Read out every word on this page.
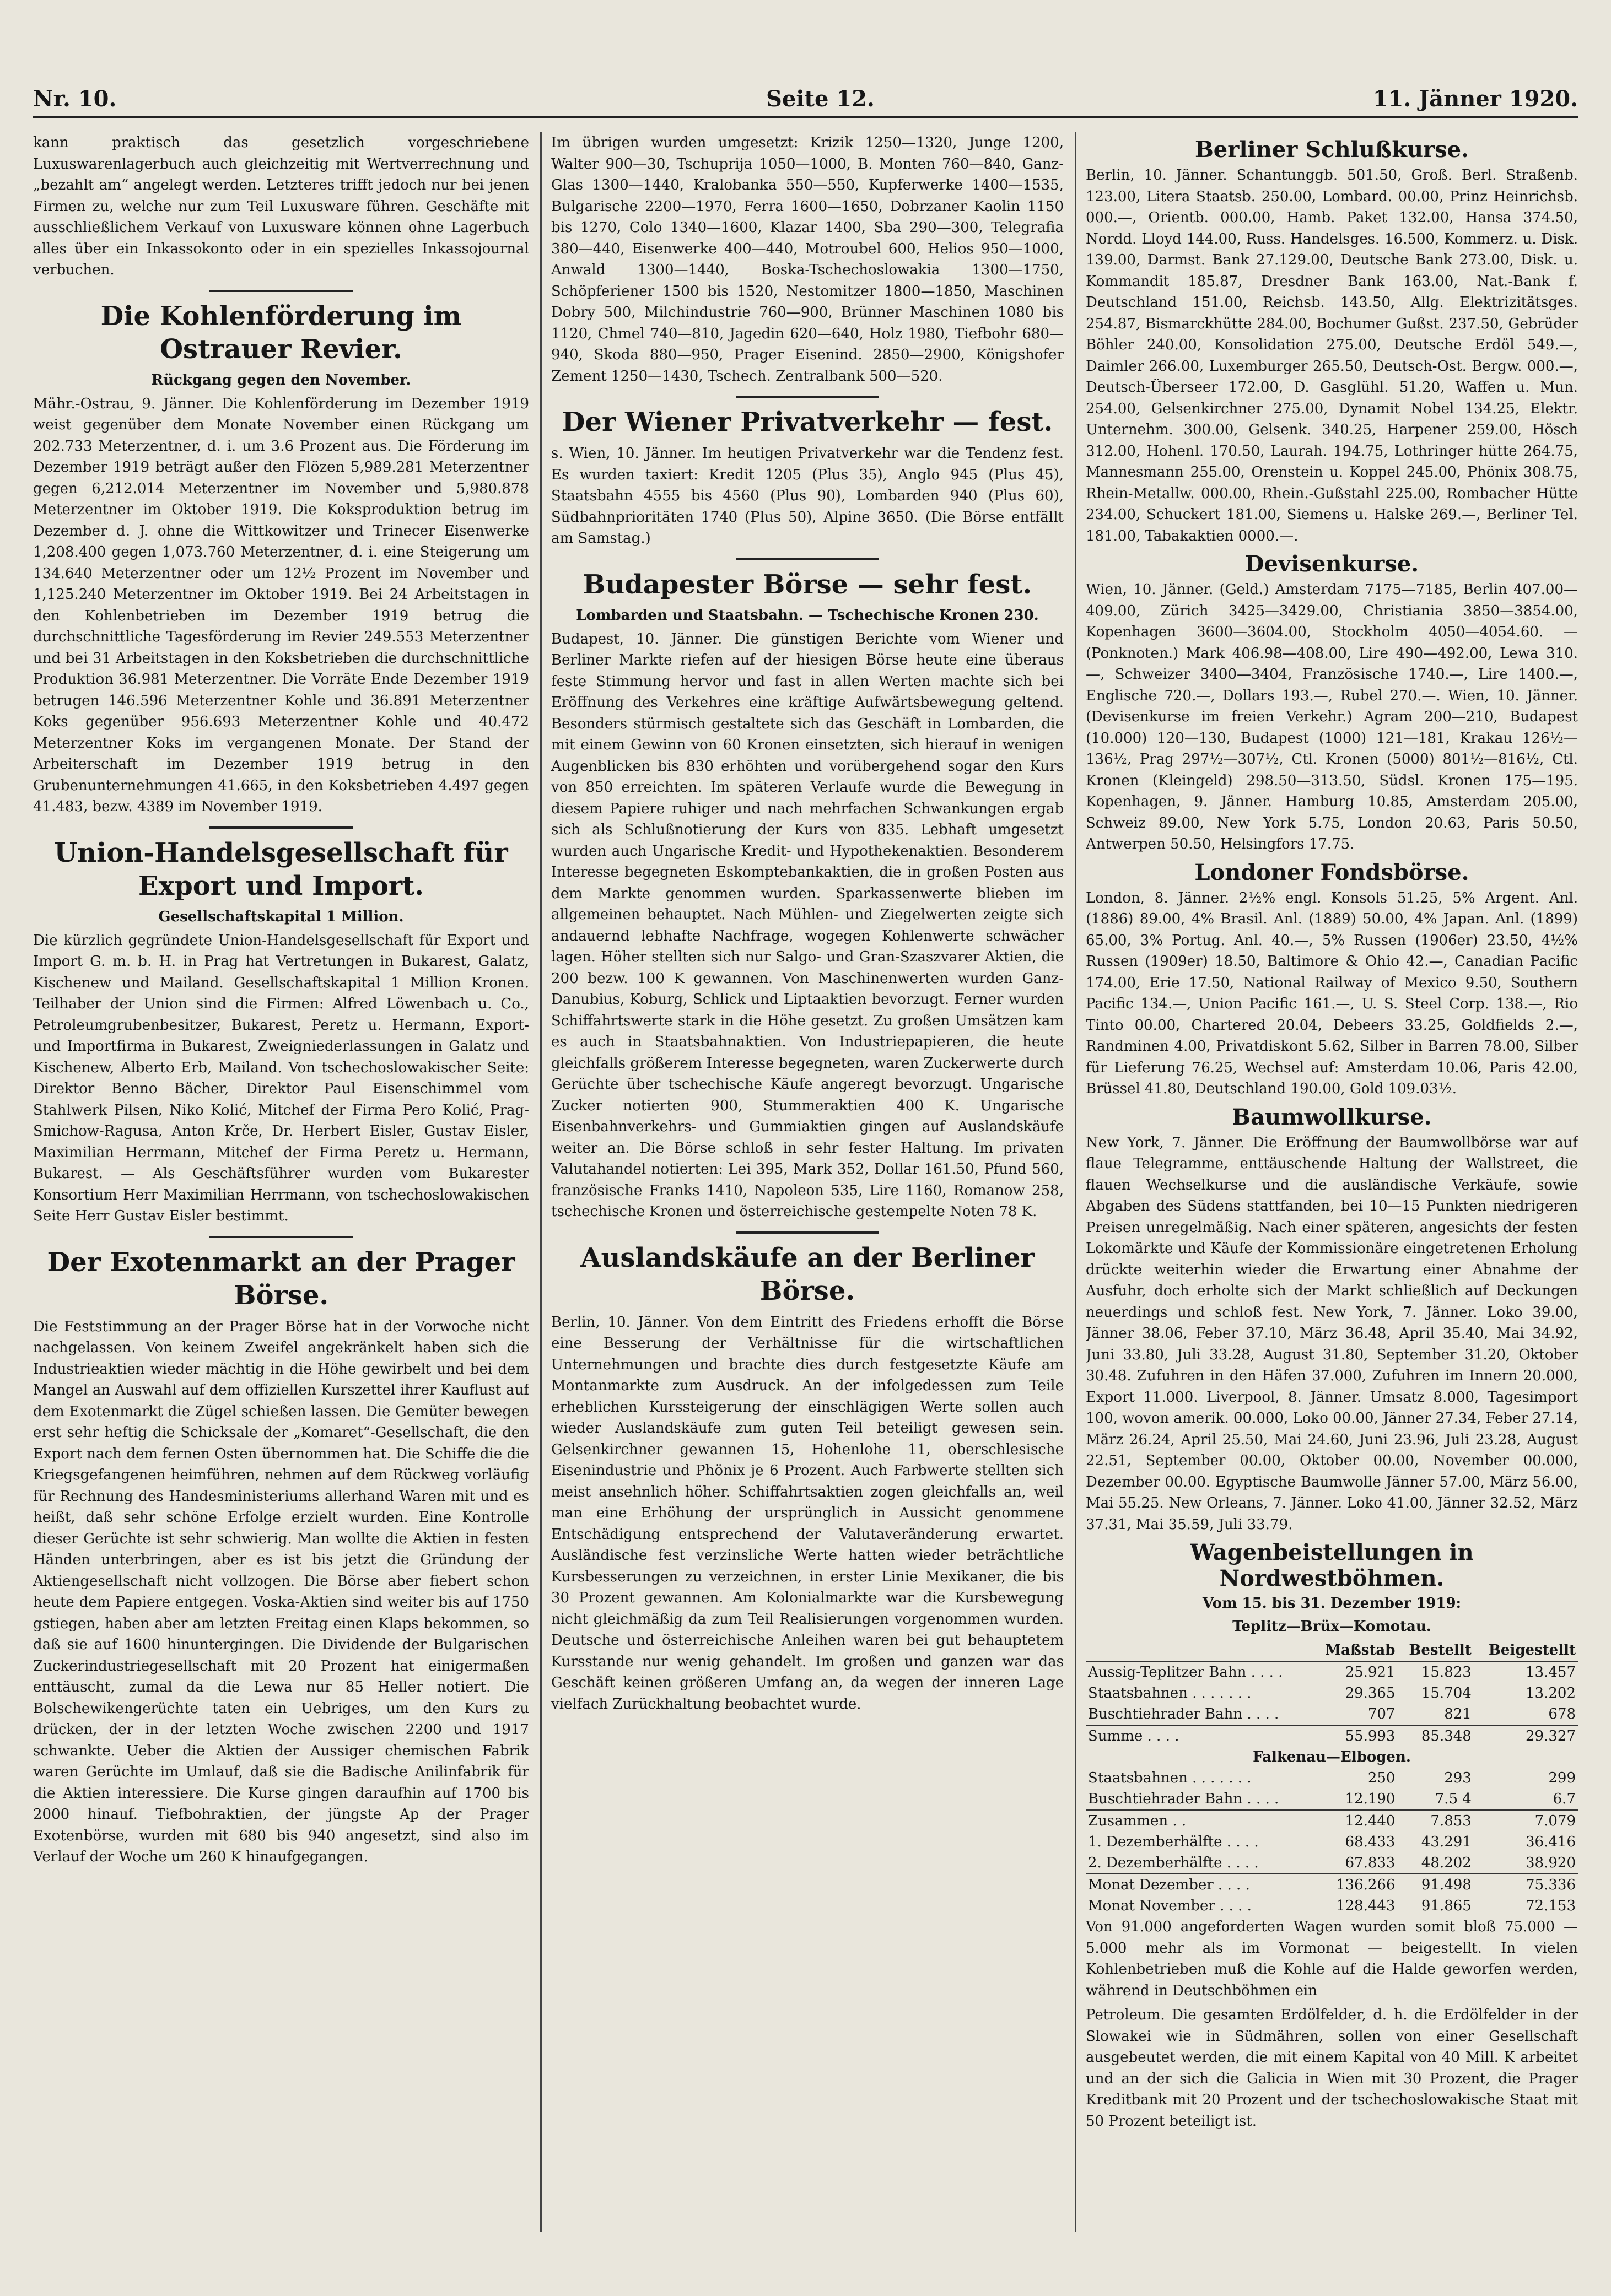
Nr. 10.	Seite 12.	11. Jänner 1920.

kann praktisch das gesetzlich vorgeschriebene Luxuswarenlagerbuch auch gleichzeitig mit Wertverrechnung und „bezahlt am“ angelegt werden. Letzteres trifft jedoch nur bei jenen Firmen zu, welche nur zum Teil Luxusware führen. Geschäfte mit ausschließlichem Verkauf von Luxusware können ohne Lagerbuch alles über ein Inkassokonto oder in ein spezielles Inkassojournal verbuchen.

Die Kohlenförderung im Ostrauer Revier.
Rückgang gegen den November.

Mähr.-Ostrau, 9. Jänner. Die Kohlenförderung im Dezember 1919 weist gegenüber dem Monate November einen Rückgang um 202.733 Meterzentner, d. i. um 3.6 Prozent aus. Die Förderung im Dezember 1919 beträgt außer den Flözen 5,989.281 Meterzentner gegen 6,212.014 Meterzentner im November und 5,980.878 Meterzentner im Oktober 1919. Die Koksproduktion betrug im Dezember d. J. ohne die Wittkowitzer und Trinecer Eisenwerke 1,208.400 gegen 1,073.760 Meterzentner, d. i. eine Steigerung um 134.640 Meterzentner oder um 12½ Prozent im November und 1,125.240 Meterzentner im Oktober 1919. Bei 24 Arbeitstagen in den Kohlenbetrieben im Dezember 1919 betrug die durchschnittliche Tagesförderung im Revier 249.553 Meterzentner und bei 31 Arbeitstagen in den Koksbetrieben die durchschnittliche Produktion 36.981 Meterzentner. Die Vorräte Ende Dezember 1919 betrugen 146.596 Meterzentner Kohle und 36.891 Meterzentner Koks gegenüber 956.693 Meterzentner Kohle und 40.472 Meterzentner Koks im vergangenen Monate. Der Stand der Arbeiterschaft im Dezember 1919 betrug in den Grubenunternehmungen 41.665, in den Koksbetrieben 4.497 gegen 41.483, bezw. 4389 im November 1919.

Union-Handelsgesellschaft für Export und Import.
Gesellschaftskapital 1 Million.

Die kürzlich gegründete Union-Handelsgesellschaft für Export und Import G. m. b. H. in Prag hat Vertretungen in Bukarest, Galatz, Kischenew und Mailand. Gesellschaftskapital 1 Million Kronen. Teilhaber der Union sind die Firmen: Alfred Löwenbach u. Co., Petroleumgrubenbesitzer, Bukarest, Peretz u. Hermann, Export- und Importfirma in Bukarest, Zweigniederlassungen in Galatz und Kischenew, Alberto Erb, Mailand. Von tschechoslowakischer Seite: Direktor Benno Bächer, Direktor Paul Eisenschimmel vom Stahlwerk Pilsen, Niko Kolić, Mitchef der Firma Pero Kolić, Prag-Smichow-Ragusa, Anton Krče, Dr. Herbert Eisler, Gustav Eisler, Maximilian Herrmann, Mitchef der Firma Peretz u. Hermann, Bukarest. — Als Geschäftsführer wurden vom Bukarester Konsortium Herr Maximilian Herrmann, von tschechoslowakischen Seite Herr Gustav Eisler bestimmt.

Der Exotenmarkt an der Prager Börse.

Die Feststimmung an der Prager Börse hat in der Vorwoche nicht nachgelassen. Von keinem Zweifel angekränkelt haben sich die Industrieaktien wieder mächtig in die Höhe gewirbelt und bei dem Mangel an Auswahl auf dem offiziellen Kurszettel ihrer Kauflust auf dem Exotenmarkt die Zügel schießen lassen. Die Gemüter bewegen erst sehr heftig die Schicksale der „Komaret“-Gesellschaft, die den Export nach dem fernen Osten übernommen hat. Die Schiffe die die Kriegsgefangenen heimführen, nehmen auf dem Rückweg vorläufig für Rechnung des Handesministeriums allerhand Waren mit und es heißt, daß sehr schöne Erfolge erzielt wurden. Eine Kontrolle dieser Gerüchte ist sehr schwierig. Man wollte die Aktien in festen Händen unterbringen, aber es ist bis jetzt die Gründung der Aktiengesellschaft nicht vollzogen. Die Börse aber fiebert schon heute dem Papiere entgegen. Voska-Aktien sind weiter bis auf 1750 gstiegen, haben aber am letzten Freitag einen Klaps bekommen, so daß sie auf 1600 hinuntergingen. Die Dividende der Bulgarischen Zuckerindustriegesellschaft mit 20 Prozent hat einigermaßen enttäuscht, zumal da die Lewa nur 85 Heller notiert. Die Bolschewikengerüchte taten ein Uebriges, um den Kurs zu drücken, der in der letzten Woche zwischen 2200 und 1917 schwankte. Ueber die Aktien der Aussiger chemischen Fabrik waren Gerüchte im Umlauf, daß sie die Badische Anilinfabrik für die Aktien interessiere. Die Kurse gingen daraufhin auf 1700 bis 2000 hinauf. Tiefbohraktien, der jüngste Ap der Prager Exotenbörse, wurden mit 680 bis 940 angesetzt, sind also im Verlauf der Woche um 260 K hinaufgegangen.

Im übrigen wurden umgesetzt: Krizik 1250—1320, Junge 1200, Walter 900—30, Tschuprija 1050—1000, B. Monten 760—840, Ganz-Glas 1300—1440, Kralobanka 550—550, Kupferwerke 1400—1535, Bulgarische 2200—1970, Ferra 1600—1650, Dobrzaner Kaolin 1150 bis 1270, Colo 1340—1600, Klazar 1400, Sba 290—300, Telegrafia 380—440, Eisenwerke 400—440, Motroubel 600, Helios 950—1000, Anwald 1300—1440, Boska-Tschechoslowakia 1300—1750, Schöpferiener 1500 bis 1520, Nestomitzer 1800—1850, Maschinen Dobry 500, Milchindustrie 760—900, Brünner Maschinen 1080 bis 1120, Chmel 740—810, Jagedin 620—640, Holz 1980, Tiefbohr 680—940, Skoda 880—950, Prager Eisenind. 2850—2900, Königshofer Zement 1250—1430, Tschech. Zentralbank 500—520.

Der Wiener Privatverkehr — fest.

s. Wien, 10. Jänner. Im heutigen Privatverkehr war die Tendenz fest. Es wurden taxiert: Kredit 1205 (Plus 35), Anglo 945 (Plus 45), Staatsbahn 4555 bis 4560 (Plus 90), Lombarden 940 (Plus 60), Südbahnprioritäten 1740 (Plus 50), Alpine 3650. (Die Börse entfällt am Samstag.)

Budapester Börse — sehr fest.
Lombarden und Staatsbahn. — Tschechische Kronen 230.

Budapest, 10. Jänner. Die günstigen Berichte vom Wiener und Berliner Markte riefen auf der hiesigen Börse heute eine überaus feste Stimmung hervor und fast in allen Werten machte sich bei Eröffnung des Verkehres eine kräftige Aufwärtsbewegung geltend. Besonders stürmisch gestaltete sich das Geschäft in Lombarden, die mit einem Gewinn von 60 Kronen einsetzten, sich hierauf in wenigen Augenblicken bis 830 erhöhten und vorübergehend sogar den Kurs von 850 erreichten. Im späteren Verlaufe wurde die Bewegung in diesem Papiere ruhiger und nach mehrfachen Schwankungen ergab sich als Schlußnotierung der Kurs von 835. Lebhaft umgesetzt wurden auch Ungarische Kredit- und Hypothekenaktien. Besonderem Interesse begegneten Eskomptebankaktien, die in großen Posten aus dem Markte genommen wurden. Sparkassenwerte blieben im allgemeinen behauptet. Nach Mühlen- und Ziegelwerten zeigte sich andauernd lebhafte Nachfrage, wogegen Kohlenwerte schwächer lagen. Höher stellten sich nur Salgo- und Gran-Szaszvarer Aktien, die 200 bezw. 100 K gewannen. Von Maschinenwerten wurden Ganz-Danubius, Koburg, Schlick und Liptaaktien bevorzugt. Ferner wurden Schiffahrtswerte stark in die Höhe gesetzt. Zu großen Umsätzen kam es auch in Staatsbahnaktien. Von Industriepapieren, die heute gleichfalls größerem Interesse begegneten, waren Zuckerwerte durch Gerüchte über tschechische Käufe angeregt bevorzugt. Ungarische Zucker notierten 900, Stummeraktien 400 K. Ungarische Eisenbahnverkehrs- und Gummiaktien gingen auf Auslandskäufe weiter an. Die Börse schloß in sehr fester Haltung. Im privaten Valutahandel notierten: Lei 395, Mark 352, Dollar 161.50, Pfund 560, französische Franks 1410, Napoleon 535, Lire 1160, Romanow 258, tschechische Kronen und österreichische gestempelte Noten 78 K.

Auslandskäufe an der Berliner Börse.

Berlin, 10. Jänner. Von dem Eintritt des Friedens erhofft die Börse eine Besserung der Verhältnisse für die wirtschaftlichen Unternehmungen und brachte dies durch festgesetzte Käufe am Montanmarkte zum Ausdruck. An der infolgedessen zum Teile erheblichen Kurssteigerung der einschlägigen Werte sollen auch wieder Auslandskäufe zum guten Teil beteiligt gewesen sein. Gelsenkirchner gewannen 15, Hohenlohe 11, oberschlesische Eisenindustrie und Phönix je 6 Prozent. Auch Farbwerte stellten sich meist ansehnlich höher. Schiffahrtsaktien zogen gleichfalls an, weil man eine Erhöhung der ursprünglich in Aussicht genommene Entschädigung entsprechend der Valutaveränderung erwartet. Ausländische fest verzinsliche Werte hatten wieder beträchtliche Kursbesserungen zu verzeichnen, in erster Linie Mexikaner, die bis 30 Prozent gewannen. Am Kolonialmarkte war die Kursbewegung nicht gleichmäßig da zum Teil Realisierungen vorgenommen wurden. Deutsche und österreichische Anleihen waren bei gut behauptetem Kursstande nur wenig gehandelt. Im großen und ganzen war das Geschäft keinen größeren Umfang an, da wegen der inneren Lage vielfach Zurückhaltung beobachtet wurde.

Berliner Schlußkurse.

Berlin, 10. Jänner. Schantunggb. 501.50, Groß. Berl. Straßenb. 123.00, Litera Staatsb. 250.00, Lombard. 00.00, Prinz Heinrichsb. 000.—, Orientb. 000.00, Hamb. Paket 132.00, Hansa 374.50, Nordd. Lloyd 144.00, Russ. Handelsges. 16.500, Kommerz. u. Disk. 139.00, Darmst. Bank 27.129.00, Deutsche Bank 273.00, Disk. u. Kommandit 185.87, Dresdner Bank 163.00, Nat.-Bank f. Deutschland 151.00, Reichsb. 143.50, Allg. Elektrizitätsges. 254.87, Bismarckhütte 284.00, Bochumer Gußst. 237.50, Gebrüder Böhler 240.00, Konsolidation 275.00, Deutsche Erdöl 549.—, Daimler 266.00, Luxemburger 265.50, Deutsch-Ost. Bergw. 000.—, Deutsch-Überseer 172.00, D. Gasglühl. 51.20, Waffen u. Mun. 254.00, Gelsenkirchner 275.00, Dynamit Nobel 134.25, Elektr. Unternehm. 300.00, Gelsenk. 340.25, Harpener 259.00, Hösch 312.00, Hohenl. 170.50, Laurah. 194.75, Lothringer hütte 264.75, Mannesmann 255.00, Orenstein u. Koppel 245.00, Phönix 308.75, Rhein-Metallw. 000.00, Rhein.-Gußstahl 225.00, Rombacher Hütte 234.00, Schuckert 181.00, Siemens u. Halske 269.—, Berliner Tel. 181.00, Tabakaktien 0000.—.

Devisenkurse.

Wien, 10. Jänner. (Geld.) Amsterdam 7175—7185, Berlin 407.00—409.00, Zürich 3425—3429.00, Christiania 3850—3854.00, Kopenhagen 3600—3604.00, Stockholm 4050—4054.60. — (Ponknoten.) Mark 406.98—408.00, Lire 490—492.00, Lewa 310.—, Schweizer 3400—3404, Französische 1740.—, Lire 1400.—, Englische 720.—, Dollars 193.—, Rubel 270.—. Wien, 10. Jänner. (Devisenkurse im freien Verkehr.) Agram 200—210, Budapest (10.000) 120—130, Budapest (1000) 121—181, Krakau 126½—136½, Prag 297½—307½, Ctl. Kronen (5000) 801½—816½, Ctl. Kronen (Kleingeld) 298.50—313.50, Südsl. Kronen 175—195. Kopenhagen, 9. Jänner. Hamburg 10.85, Amsterdam 205.00, Schweiz 89.00, New York 5.75, London 20.63, Paris 50.50, Antwerpen 50.50, Helsingfors 17.75.

Londoner Fondsbörse.

London, 8. Jänner. 2½% engl. Konsols 51.25, 5% Argent. Anl. (1886) 89.00, 4% Brasil. Anl. (1889) 50.00, 4% Japan. Anl. (1899) 65.00, 3% Portug. Anl. 40.—, 5% Russen (1906er) 23.50, 4½% Russen (1909er) 18.50, Baltimore & Ohio 42.—, Canadian Pacific 174.00, Erie 17.50, National Railway of Mexico 9.50, Southern Pacific 134.—, Union Pacific 161.—, U. S. Steel Corp. 138.—, Rio Tinto 00.00, Chartered 20.04, Debeers 33.25, Goldfields 2.—, Randminen 4.00, Privatdiskont 5.62, Silber in Barren 78.00, Silber für Lieferung 76.25, Wechsel auf: Amsterdam 10.06, Paris 42.00, Brüssel 41.80, Deutschland 190.00, Gold 109.03½.

Baumwollkurse.

New York, 7. Jänner. Die Eröffnung der Baumwollbörse war auf flaue Telegramme, enttäuschende Haltung der Wallstreet, die flauen Wechselkurse und die ausländische Verkäufe, sowie Abgaben des Südens stattfanden, bei 10—15 Punkten niedrigeren Preisen unregelmäßig. Nach einer späteren, angesichts der festen Lokomärkte und Käufe der Kommissionäre eingetretenen Erholung drückte weiterhin wieder die Erwartung einer Abnahme der Ausfuhr, doch erholte sich der Markt schließlich auf Deckungen neuerdings und schloß fest. New York, 7. Jänner. Loko 39.00, Jänner 38.06, Feber 37.10, März 36.48, April 35.40, Mai 34.92, Juni 33.80, Juli 33.28, August 31.80, September 31.20, Oktober 30.48. Zufuhren in den Häfen 37.000, Zufuhren im Innern 20.000, Export 11.000. Liverpool, 8. Jänner. Umsatz 8.000, Tagesimport 100, wovon amerik. 00.000, Loko 00.00, Jänner 27.34, Feber 27.14, März 26.24, April 25.50, Mai 24.60, Juni 23.96, Juli 23.28, August 22.51, September 00.00, Oktober 00.00, November 00.000, Dezember 00.00. Egyptische Baumwolle Jänner 57.00, März 56.00, Mai 55.25. New Orleans, 7. Jänner. Loko 41.00, Jänner 32.52, März 37.31, Mai 35.59, Juli 33.79.

Wagenbeistellungen in Nordwestböhmen.
Vom 15. bis 31. Dezember 1919:
Teplitz—Brüx—Komotau.
	Maßstab	Bestellt	Beigestellt
Aussig-Teplitzer Bahn . . . .	25.921	15.823	13.457
Staatsbahnen . . . . . . .	29.365	15.704	13.202
Buschtiehrader Bahn . . . .	707	821	678
Summe . . . .	55.993	85.348	29.327
Falkenau—Elbogen.			
Staatsbahnen . . . . . . .	250	293	299
Buschtiehrader Bahn . . . .	12.190	7.5 4	6.7
Zusammen . .	12.440	7.853	7.079
1. Dezemberhälfte . . . .	68.433	43.291	36.416
2. Dezemberhälfte . . . .	67.833	48.202	38.920
Monat Dezember . . . .	136.266	91.498	75.336
Monat November . . . .	128.443	91.865	72.153

Von 91.000 angeforderten Wagen wurden somit bloß 75.000 — 5.000 mehr als im Vormonat — beigestellt. In vielen Kohlenbetrieben muß die Kohle auf die Halde geworfen werden, während in Deutschböhmen ein

Petroleum. Die gesamten Erdölfelder, d. h. die Erdölfelder in der Slowakei wie in Südmähren, sollen von einer Gesellschaft ausgebeutet werden, die mit einem Kapital von 40 Mill. K arbeitet und an der sich die Galicia in Wien mit 30 Prozent, die Prager Kreditbank mit 20 Prozent und der tschechoslowakische Staat mit 50 Prozent beteiligt ist.
